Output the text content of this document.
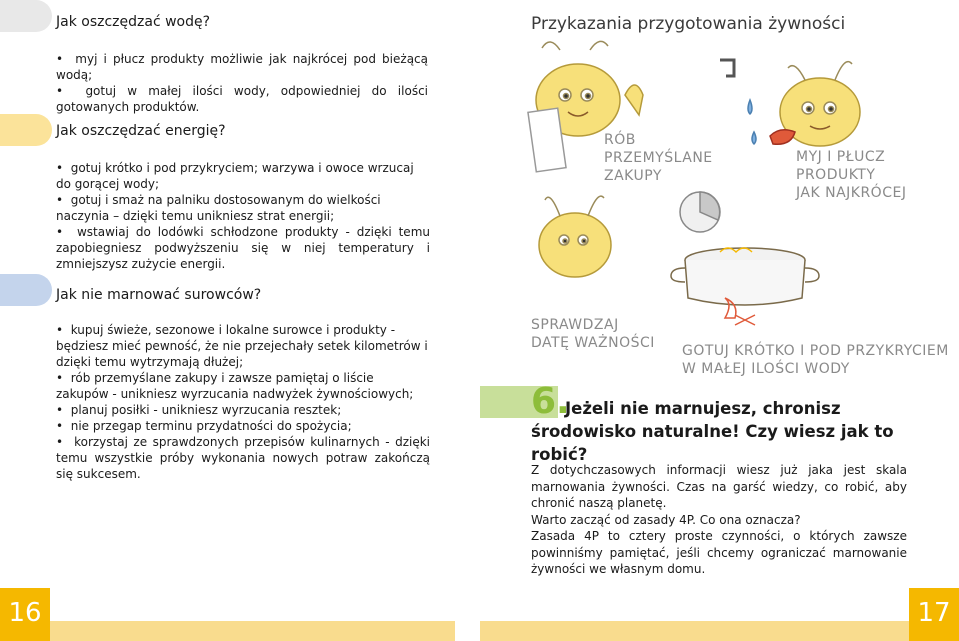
Jak oszczędzać wodę?
•  myj i płucz produkty możliwie jak najkrócej pod bieżącą wodą;
•  gotuj w małej ilości wody, odpowiedniej do ilości gotowanych produktów.
Jak oszczędzać energię?
•  gotuj krótko i pod przykryciem; warzywa i owoce wrzucaj do gorącej wody;
•  gotuj i smaż na palniku dostosowanym do wielkości naczynia – dzięki temu unikniesz strat energii;
•  wstawiaj do lodówki schłodzone produkty - dzięki temu zapobiegniesz podwyższeniu się w niej temperatury i zmniejszysz zużycie energii.
Jak nie marnować surowców?
•  kupuj świeże, sezonowe i lokalne surowce i produkty - będziesz mieć pewność, że nie przejechały setek kilometrów i dzięki temu wytrzymają dłużej;
•  rób przemyślane zakupy i zawsze pamiętaj o liście zakupów - unikniesz wyrzucania nadwyżek żywnościowych;
•  planuj posiłki - unikniesz wyrzucania resztek;
•  nie przegap terminu przydatności do spożycia;
•  korzystaj ze sprawdzonych przepisów kulinarnych - dzięki temu wszystkie próby wykonania nowych potraw zakończą się sukcesem.
Przykazania przygotowania żywności
RÓB
PRZEMYŚLANE
ZAKUPY
MYJ I PŁUCZ
PRODUKTY
JAK NAJKRÓCEJ
SPRAWDZAJ
DATĘ WAŻNOŚCI GOTUJ KRÓTKO I POD PRZYKRYCIEM
W MAŁEJ ILOŚCI WODY
6.
Jeżeli nie marnujesz, chronisz środowisko naturalne! Czy wiesz jak to robić?
Z dotychczasowych informacji wiesz już jaka jest skala marnowania żywności. Czas na garść wiedzy, co robić, aby chronić naszą planetę.
Warto zacząć od zasady 4P. Co ona oznacza?
Zasada 4P to cztery proste czynności, o których zawsze powinniśmy pamiętać, jeśli chcemy ograniczać marnowanie żywności we własnym domu.
16	17
